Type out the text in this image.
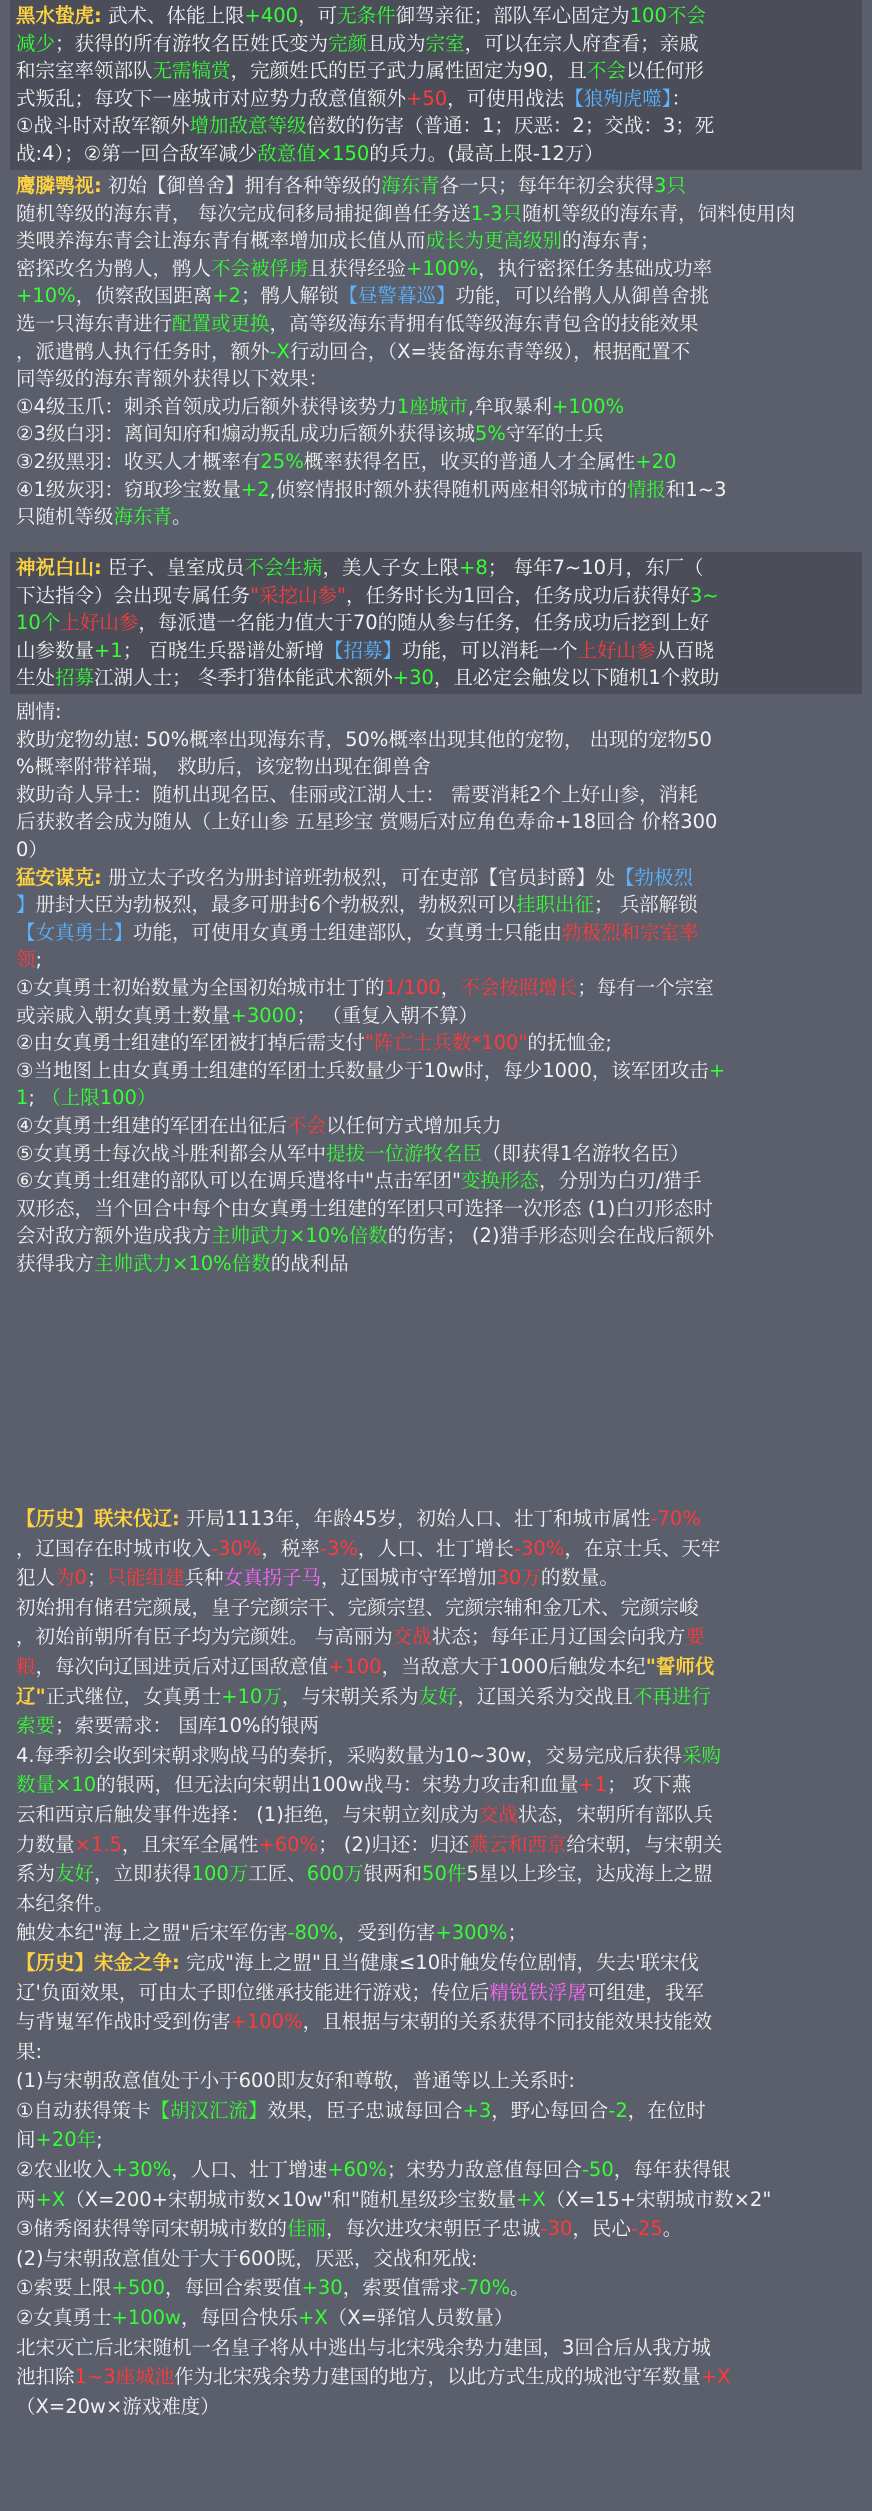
黑水蛰虎: 武术、体能上限+400，可无条件御驾亲征；部队军心固定为100不会
减少；获得的所有游牧名臣姓氏变为完颜且成为宗室，可以在宗人府查看；亲戚
和宗室率领部队无需犒赏，完颜姓氏的臣子武力属性固定为90，且不会以任何形
式叛乱；每攻下一座城市对应势力敌意值额外+50，可使用战法【狼殉虎噬】：
①战斗时对敌军额外增加敌意等级倍数的伤害（普通：1；厌恶：2；交战：3；死
战:4）；②第一回合敌军减少敌意值×150的兵力。(最高上限-12万）
鹰膦鹗视: 初始【御兽舍】拥有各种等级的海东青各一只；每年年初会获得3只
随机等级的海东青， 每次完成伺移局捕捉御兽任务送1-3只随机等级的海东青，饲料使用肉
类喂养海东青会让海东青有概率增加成长值从而成长为更高级别的海东青；
密探改名为鹘人，鹘人不会被俘虏且获得经验+100%，执行密探任务基础成功率
+10%，侦察敌国距离+2；鹘人解锁【昼警暮巡】功能，可以给鹘人从御兽舍挑
选一只海东青进行配置或更换，高等级海东青拥有低等级海东青包含的技能效果
，派遣鹘人执行任务时，额外-X行动回合，（X=装备海东青等级），根据配置不
同等级的海东青额外获得以下效果：
①4级玉爪：刺杀首领成功后额外获得该势力1座城市,牟取暴利+100%
②3级白羽：离间知府和煽动叛乱成功后额外获得该城5%守军的士兵
③2级黑羽：收买人才概率有25%概率获得名臣，收买的普通人才全属性+20
④1级灰羽：窃取珍宝数量+2,侦察情报时额外获得随机两座相邻城市的情报和1~3
只随机等级海东青。
神祝白山: 臣子、皇室成员不会生病，美人子女上限+8； 每年7~10月，东厂（
下达指令）会出现专属任务"采挖山参"，任务时长为1回合，任务成功后获得好3~
10个上好山参，每派遣一名能力值大于70的随从参与任务，任务成功后挖到上好
山参数量+1； 百晓生兵器谱处新增【招募】功能，可以消耗一个上好山参从百晓
生处招募江湖人士； 冬季打猎体能武术额外+30，且必定会触发以下随机1个救助
剧情:
救助宠物幼崽: 50%概率出现海东青，50%概率出现其他的宠物， 出现的宠物50
%概率附带祥瑞， 救助后，该宠物出现在御兽舍
救助奇人异士：随机出现名臣、佳丽或江湖人士： 需要消耗2个上好山参，消耗
后获救者会成为随从（上好山参 五星珍宝 赏赐后对应角色寿命+18回合 价格300
0）
猛安谋克: 册立太子改名为册封谙班勃极烈，可在吏部【官员封爵】处【勃极烈
】册封大臣为勃极烈，最多可册封6个勃极烈，勃极烈可以挂职出征； 兵部解锁
【女真勇士】功能，可使用女真勇士组建部队，女真勇士只能由勃极烈和宗室率
领;
①女真勇士初始数量为全国初始城市壮丁的1/100，不会按照增长；每有一个宗室
或亲戚入朝女真勇士数量+3000； （重复入朝不算）
②由女真勇士组建的军团被打掉后需支付"阵亡士兵数*100"的抚恤金;
③当地图上由女真勇士组建的军团士兵数量少于10w时，每少1000，该军团攻击+
1; （上限100）
④女真勇士组建的军团在出征后不会以任何方式增加兵力
⑤女真勇士每次战斗胜利都会从军中提拔一位游牧名臣（即获得1名游牧名臣）
⑥女真勇士组建的部队可以在调兵遣将中"点击军团"变换形态，分别为白刃/猎手
双形态，当个回合中每个由女真勇士组建的军团只可选择一次形态 (1)白刃形态时
会对敌方额外造成我方主帅武力×10%倍数的伤害； (2)猎手形态则会在战后额外
获得我方主帅武力×10%倍数的战利品
【历史】联宋伐辽: 开局1113年，年龄45岁，初始人口、壮丁和城市属性-70%
，辽国存在时城市收入-30%，税率-3%，人口、壮丁增长-30%，在京士兵、天牢
犯人为0；只能组建兵种女真拐子马，辽国城市守军增加30万的数量。
初始拥有储君完颜晟，皇子完颜宗干、完颜宗望、完颜宗辅和金兀术、完颜宗峻
，初始前朝所有臣子均为完颜姓。 与高丽为交战状态；每年正月辽国会向我方要
粮，每次向辽国进贡后对辽国敌意值+100，当敌意大于1000后触发本纪"誓师伐
辽"正式继位，女真勇士+10万，与宋朝关系为友好，辽国关系为交战且不再进行
索要；索要需求： 国库10%的银两
4.每季初会收到宋朝求购战马的奏折，采购数量为10~30w，交易完成后获得采购
数量×10的银两，但无法向宋朝出100w战马：宋势力攻击和血量+1； 攻下燕
云和西京后触发事件选择： (1)拒绝，与宋朝立刻成为交战状态，宋朝所有部队兵
力数量×1.5，且宋军全属性+60%； (2)归还：归还燕云和西京给宋朝，与宋朝关
系为友好，立即获得100万工匠、600万银两和50件5星以上珍宝，达成海上之盟
本纪条件。
触发本纪"海上之盟"后宋军伤害-80%，受到伤害+300%；
【历史】宋金之争: 完成"海上之盟"且当健康≤10时触发传位剧情，失去'联宋伐
辽'负面效果，可由太子即位继承技能进行游戏；传位后精锐铁浮屠可组建，我军
与背嵬军作战时受到伤害+100%，且根据与宋朝的关系获得不同技能效果技能效
果:
(1)与宋朝敌意值处于小于600即友好和尊敬，普通等以上关系时:
①自动获得策卡【胡汉汇流】效果，臣子忠诚每回合+3，野心每回合-2，在位时
间+20年;
②农业收入+30%，人口、壮丁增速+60%；宋势力敌意值每回合-50，每年获得银
两+X（X=200+宋朝城市数×10w"和"随机星级珍宝数量+X（X=15+宋朝城市数×2"
③储秀阁获得等同宋朝城市数的佳丽，每次进攻宋朝臣子忠诚-30，民心-25。
(2)与宋朝敌意值处于大于600既，厌恶，交战和死战:
①索要上限+500，每回合索要值+30，索要值需求-70%。
②女真勇士+100w，每回合快乐+X（X=驿馆人员数量）
北宋灭亡后北宋随机一名皇子将从中逃出与北宋残余势力建国，3回合后从我方城
池扣除1~3座城池作为北宋残余势力建国的地方，以此方式生成的城池守军数量+X
（X=20w×游戏难度）
